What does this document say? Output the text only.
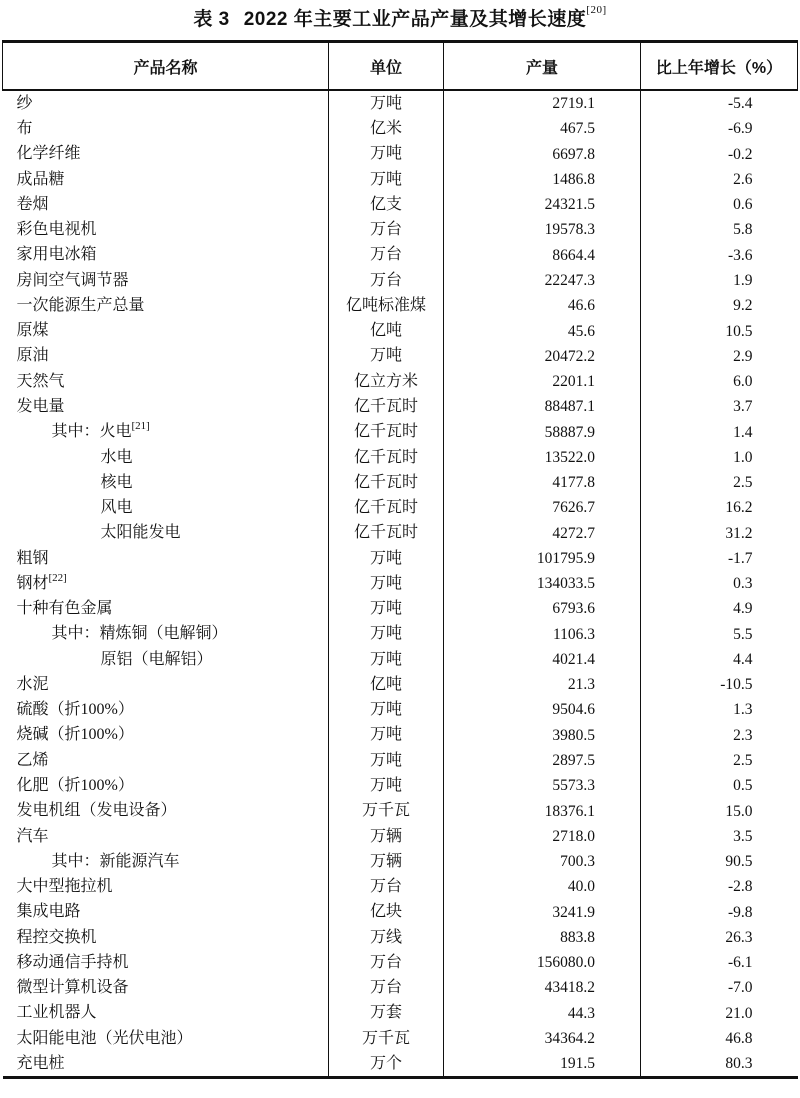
表 3 2022 年主要工业产品产量及其增长速度[20]
产品名称	单位	产量	比上年增长（%）
纱	万吨	2719.1	-5.4
布	亿米	467.5	-6.9
化学纤维	万吨	6697.8	-0.2
成品糖	万吨	1486.8	2.6
卷烟	亿支	24321.5	0.6
彩色电视机	万台	19578.3	5.8
家用电冰箱	万台	8664.4	-3.6
房间空气调节器	万台	22247.3	1.9
一次能源生产总量	亿吨标准煤	46.6	9.2
原煤	亿吨	45.6	10.5
原油	万吨	20472.2	2.9
天然气	亿立方米	2201.1	6.0
发电量	亿千瓦时	88487.1	3.7
其中：火电[21]	亿千瓦时	58887.9	1.4
水电	亿千瓦时	13522.0	1.0
核电	亿千瓦时	4177.8	2.5
风电	亿千瓦时	7626.7	16.2
太阳能发电	亿千瓦时	4272.7	31.2
粗钢	万吨	101795.9	-1.7
钢材[22]	万吨	134033.5	0.3
十种有色金属	万吨	6793.6	4.9
其中：精炼铜（电解铜）	万吨	1106.3	5.5
原铝（电解铝）	万吨	4021.4	4.4
水泥	亿吨	21.3	-10.5
硫酸（折100%）	万吨	9504.6	1.3
烧碱（折100%）	万吨	3980.5	2.3
乙烯	万吨	2897.5	2.5
化肥（折100%）	万吨	5573.3	0.5
发电机组（发电设备）	万千瓦	18376.1	15.0
汽车	万辆	2718.0	3.5
其中：新能源汽车	万辆	700.3	90.5
大中型拖拉机	万台	40.0	-2.8
集成电路	亿块	3241.9	-9.8
程控交换机	万线	883.8	26.3
移动通信手持机	万台	156080.0	-6.1
微型计算机设备	万台	43418.2	-7.0
工业机器人	万套	44.3	21.0
太阳能电池（光伏电池）	万千瓦	34364.2	46.8
充电桩	万个	191.5	80.3
